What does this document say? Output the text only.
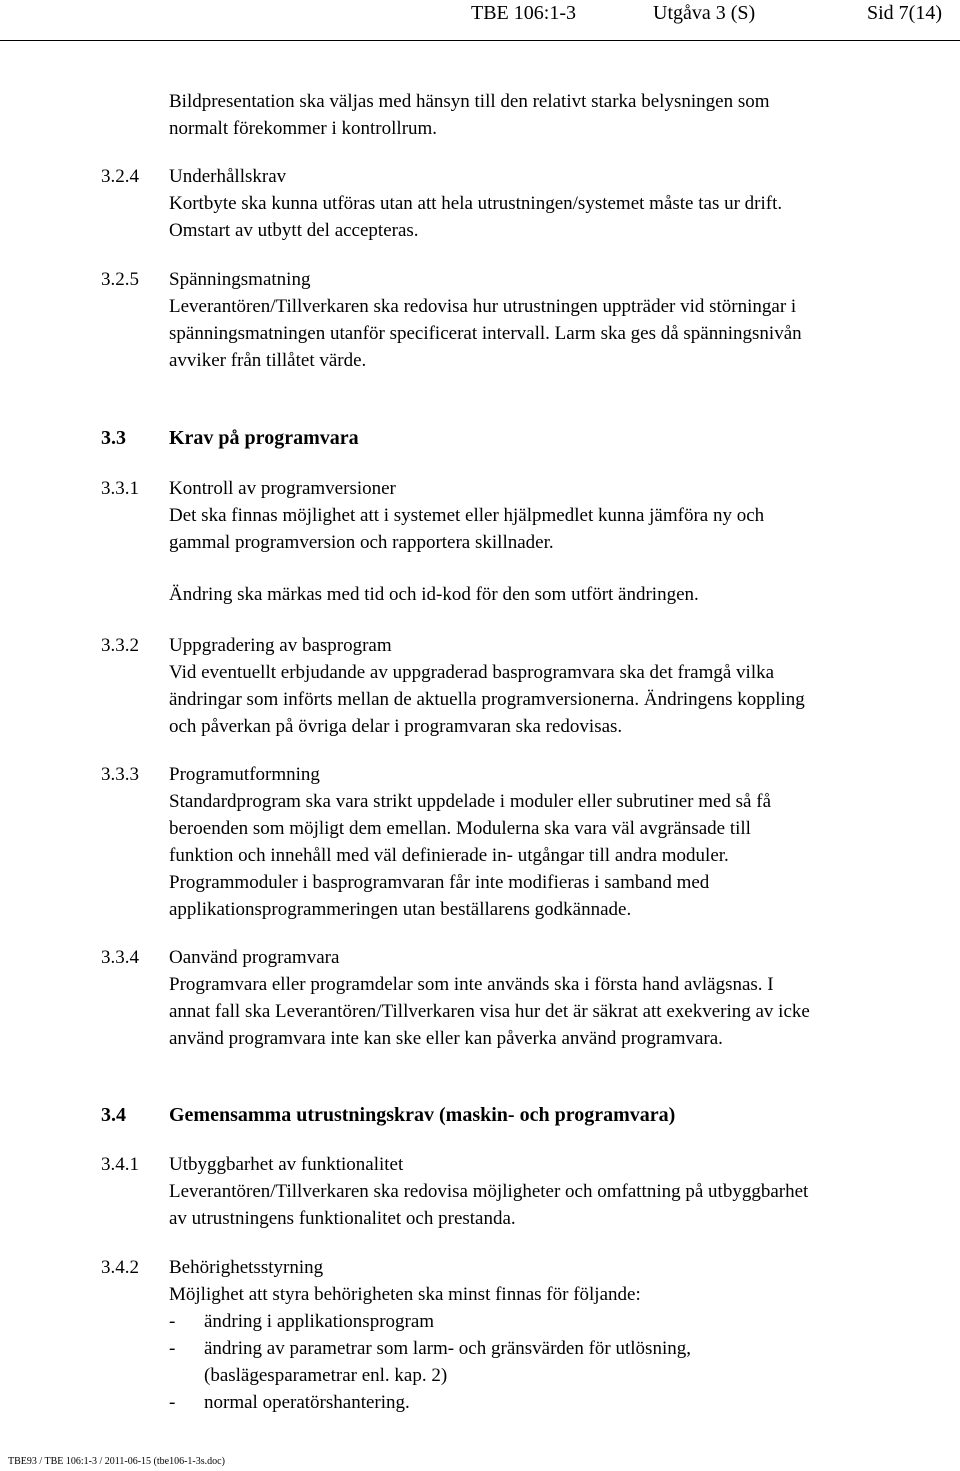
TBE 106:1-3	Utgåva 3 (S)	Sid 7(14)
Bildpresentation ska väljas med hänsyn till den relativt starka belysningen som
normalt förekommer i kontrollrum.
3.2.4 Underhållskrav
Kortbyte ska kunna utföras utan att hela utrustningen/systemet måste tas ur drift.
Omstart av utbytt del accepteras.
3.2.5 Spänningsmatning
Leverantören/Tillverkaren ska redovisa hur utrustningen uppträder vid störningar i
spänningsmatningen utanför specificerat intervall. Larm ska ges då spänningsnivån
avviker från tillåtet värde.
3.3 Krav på programvara
3.3.1 Kontroll av programversioner
Det ska finnas möjlighet att i systemet eller hjälpmedlet kunna jämföra ny och
gammal programversion och rapportera skillnader.
Ändring ska märkas med tid och id-kod för den som utfört ändringen.
3.3.2 Uppgradering av basprogram
Vid eventuellt erbjudande av uppgraderad basprogramvara ska det framgå vilka
ändringar som införts mellan de aktuella programversionerna. Ändringens koppling
och påverkan på övriga delar i programvaran ska redovisas.
3.3.3 Programutformning
Standardprogram ska vara strikt uppdelade i moduler eller subrutiner med så få
beroenden som möjligt dem emellan. Modulerna ska vara väl avgränsade till
funktion och innehåll med väl definierade in- utgångar till andra moduler.
Programmoduler i basprogramvaran får inte modifieras i samband med
applikationsprogrammeringen utan beställarens godkännade.
3.3.4 Oanvänd programvara
Programvara eller programdelar som inte används ska i första hand avlägsnas. I
annat fall ska Leverantören/Tillverkaren visa hur det är säkrat att exekvering av icke
använd programvara inte kan ske eller kan påverka använd programvara.
3.4 Gemensamma utrustningskrav (maskin- och programvara)
3.4.1 Utbyggbarhet av funktionalitet
Leverantören/Tillverkaren ska redovisa möjligheter och omfattning på utbyggbarhet
av utrustningens funktionalitet och prestanda.
3.4.2 Behörighetsstyrning
Möjlighet att styra behörigheten ska minst finnas för följande:
- ändring i applikationsprogram
- ändring av parametrar som larm- och gränsvärden för utlösning,
(baslägesparametrar enl. kap. 2)
- normal operatörshantering.
TBE93 / TBE 106:1-3 / 2011-06-15 (tbe106-1-3s.doc)
